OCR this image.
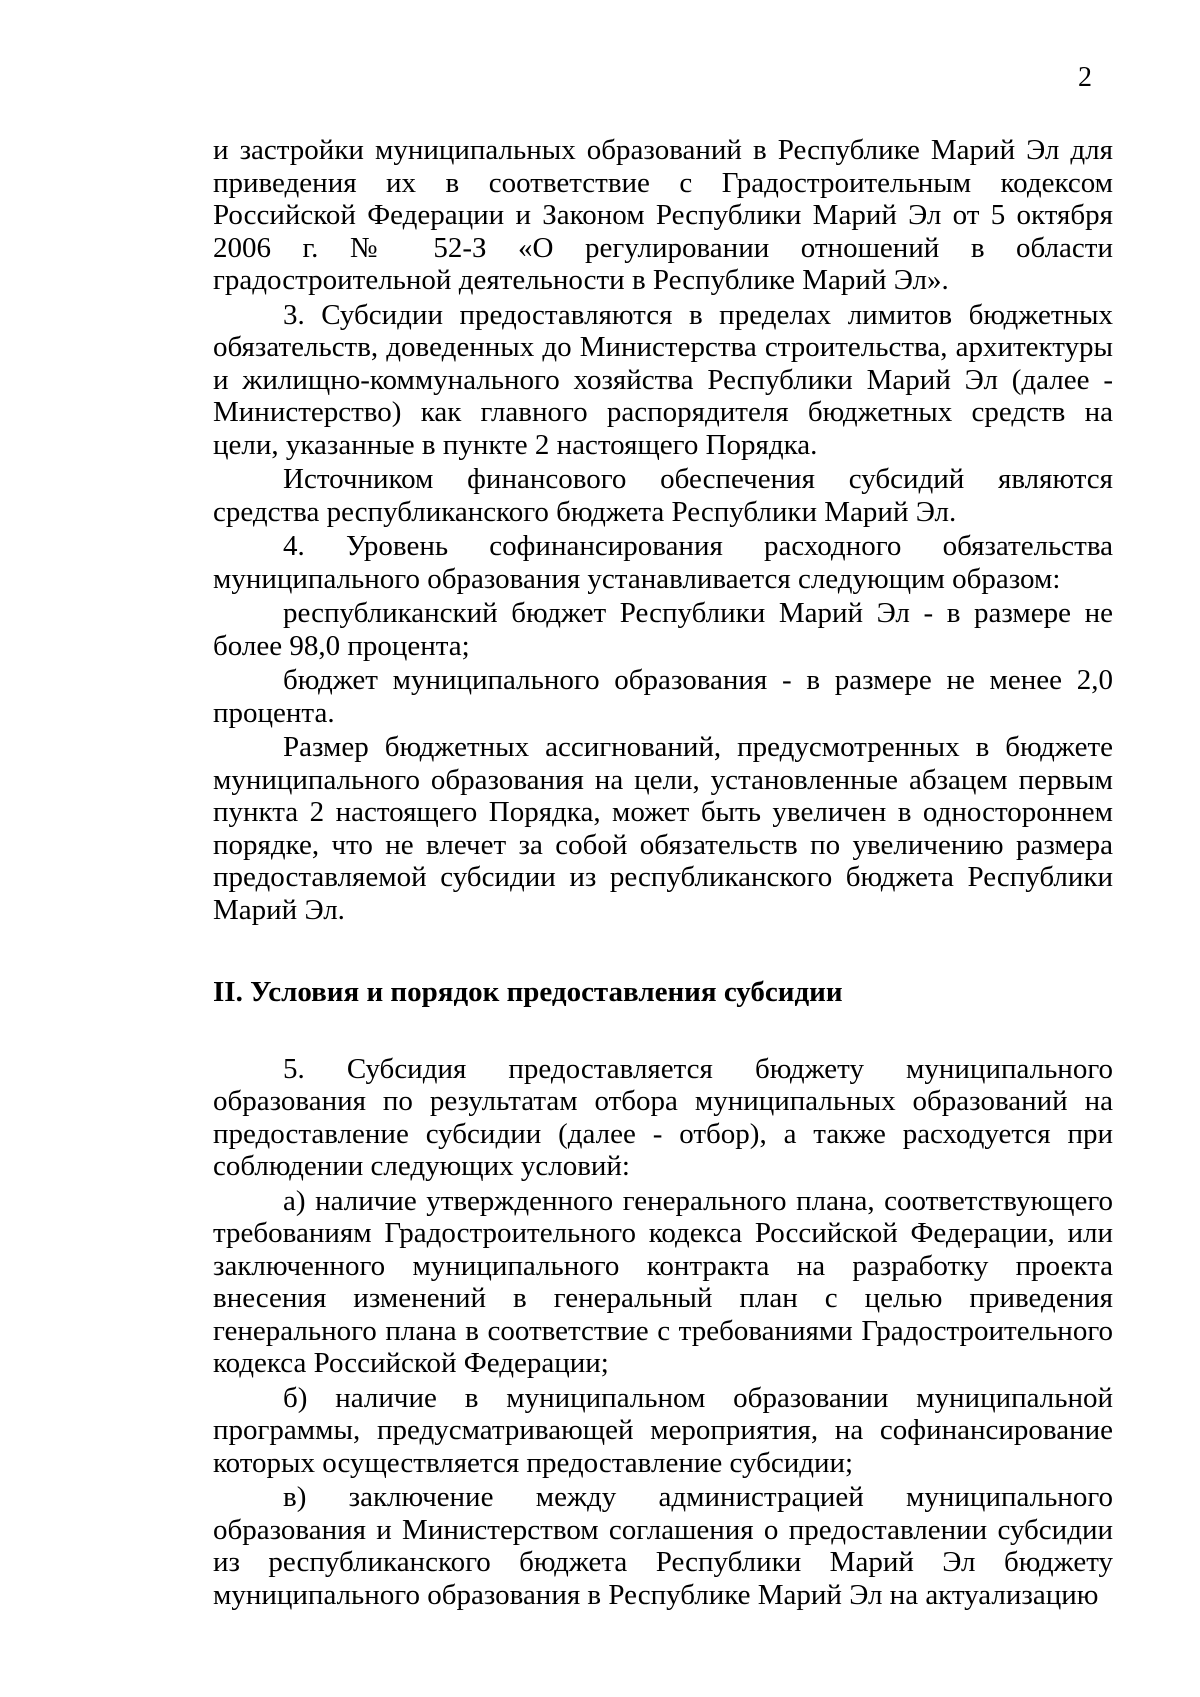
2

и застройки муниципальных образований в Республике Марий Эл для приведения их в соответствие с Градостроительным кодексом Российской Федерации и Законом Республики Марий Эл от 5 октября 2006 г. № 52-З «О регулировании отношений в области градостроительной деятельности в Республике Марий Эл».

3. Субсидии предоставляются в пределах лимитов бюджетных обязательств, доведенных до Министерства строительства, архитектуры и жилищно-коммунального хозяйства Республики Марий Эл (далее - Министерство) как главного распорядителя бюджетных средств на цели, указанные в пункте 2 настоящего Порядка.

Источником финансового обеспечения субсидий являются средства республиканского бюджета Республики Марий Эл.

4. Уровень софинансирования расходного обязательства муниципального образования устанавливается следующим образом:

республиканский бюджет Республики Марий Эл - в размере не более 98,0 процента;

бюджет муниципального образования - в размере не менее 2,0 процента.

Размер бюджетных ассигнований, предусмотренных в бюджете муниципального образования на цели, установленные абзацем первым пункта 2 настоящего Порядка, может быть увеличен в одностороннем порядке, что не влечет за собой обязательств по увеличению размера предоставляемой субсидии из республиканского бюджета Республики Марий Эл.

II. Условия и порядок предоставления субсидии

5. Субсидия предоставляется бюджету муниципального образования по результатам отбора муниципальных образований на предоставление субсидии (далее - отбор), а также расходуется при соблюдении следующих условий:

а) наличие утвержденного генерального плана, соответствующего требованиям Градостроительного кодекса Российской Федерации, или заключенного муниципального контракта на разработку проекта внесения изменений в генеральный план с целью приведения генерального плана в соответствие с требованиями Градостроительного кодекса Российской Федерации;

б) наличие в муниципальном образовании муниципальной программы, предусматривающей мероприятия, на софинансирование которых осуществляется предоставление субсидии;

в) заключение между администрацией муниципального образования и Министерством соглашения о предоставлении субсидии из республиканского бюджета Республики Марий Эл бюджету муниципального образования в Республике Марий Эл на актуализацию
